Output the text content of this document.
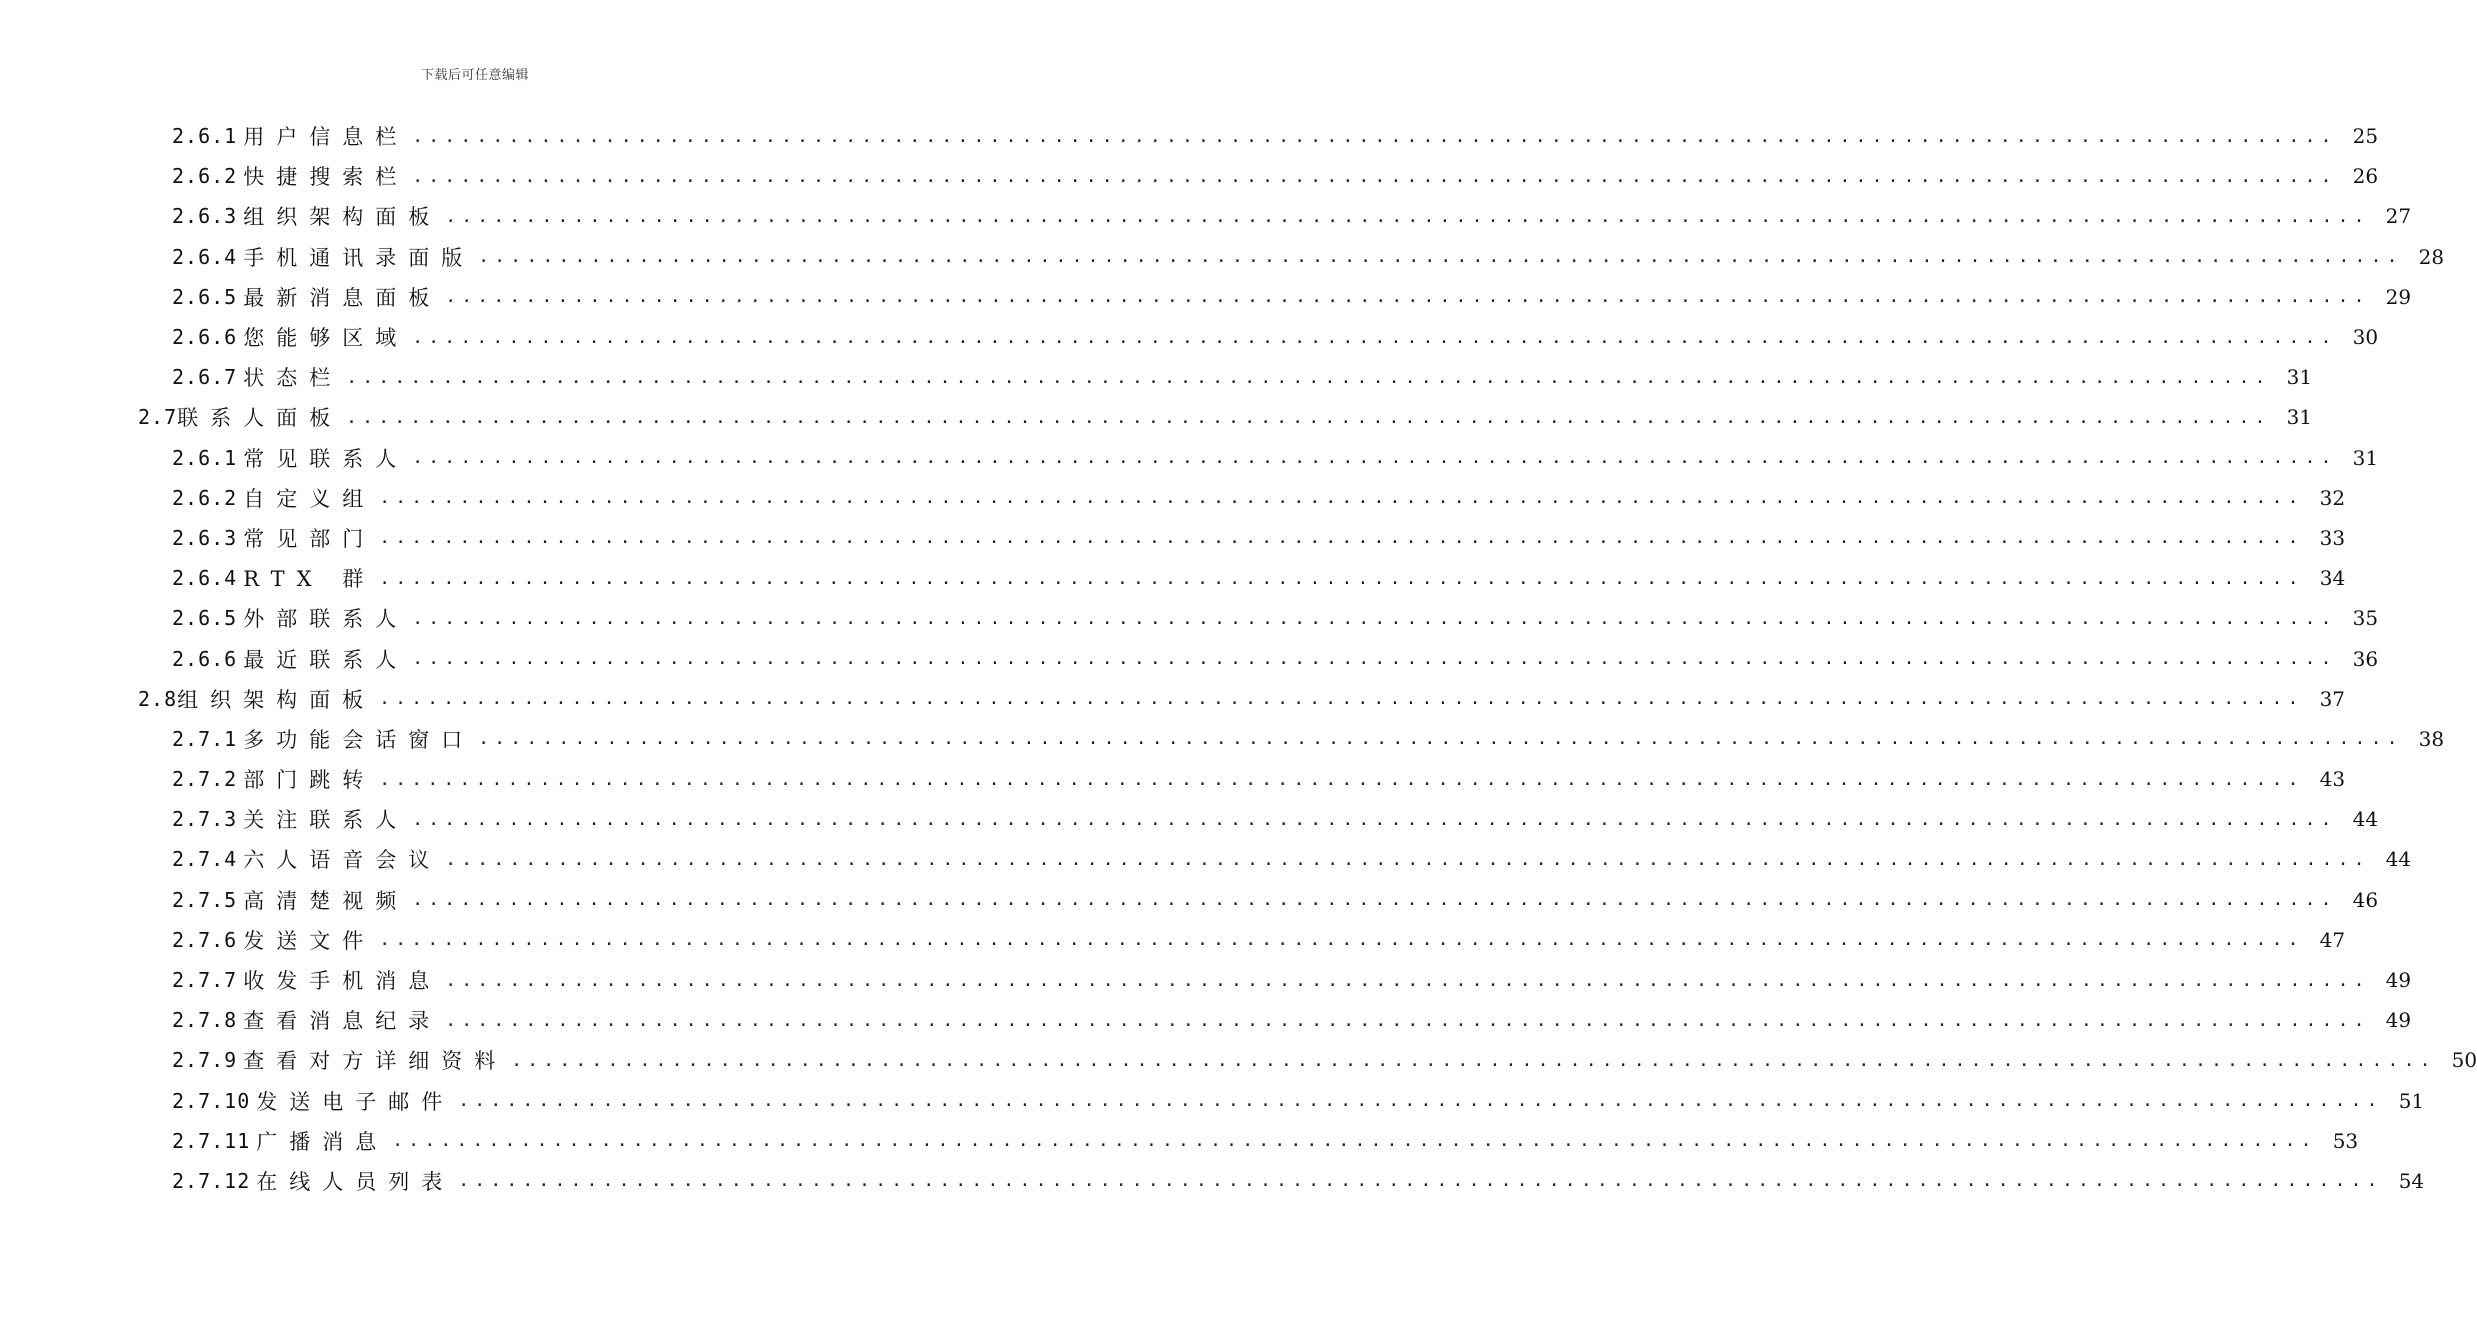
下载后可任意编辑
2.6.1 用户信息栏 ........................................................................................................................ 25
2.6.2 快捷搜索栏 ........................................................................................................................ 26
2.6.3 组织架构面板 ........................................................................................................................ 27
2.6.4 手机通讯录面版 ........................................................................................................................ 28
2.6.5 最新消息面板 ........................................................................................................................ 29
2.6.6 您能够区域 ........................................................................................................................ 30
2.6.7 状态栏 ........................................................................................................................ 31
2.7 联系人面板 ........................................................................................................................ 31
2.6.1 常见联系人 ........................................................................................................................ 31
2.6.2 自定义组 ........................................................................................................................ 32
2.6.3 常见部门 ........................................................................................................................ 33
2.6.4 RTX 群 ........................................................................................................................ 34
2.6.5 外部联系人 ........................................................................................................................ 35
2.6.6 最近联系人 ........................................................................................................................ 36
2.8 组织架构面板 ........................................................................................................................ 37
2.7.1 多功能会话窗口 ........................................................................................................................ 38
2.7.2 部门跳转 ........................................................................................................................ 43
2.7.3 关注联系人 ........................................................................................................................ 44
2.7.4 六人语音会议 ........................................................................................................................ 44
2.7.5 高清楚视频 ........................................................................................................................ 46
2.7.6 发送文件 ........................................................................................................................ 47
2.7.7 收发手机消息 ........................................................................................................................ 49
2.7.8 查看消息纪录 ........................................................................................................................ 49
2.7.9 查看对方详细资料 ........................................................................................................................ 50
2.7.10 发送电子邮件 ........................................................................................................................ 51
2.7.11 广播消息 ........................................................................................................................ 53
2.7.12 在线人员列表 ........................................................................................................................ 54
